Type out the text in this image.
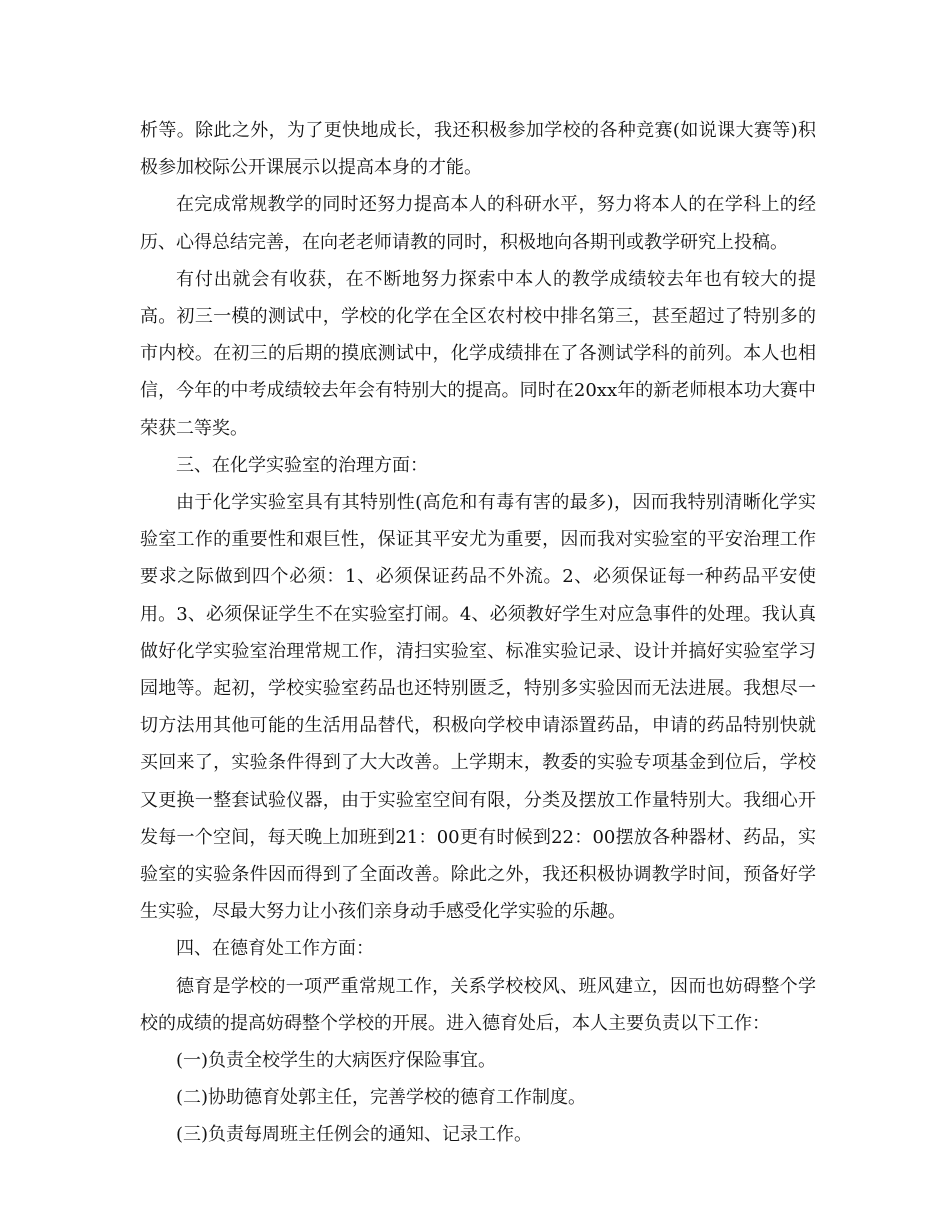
析等。除此之外，为了更快地成长，我还积极参加学校的各种竞赛(如说课大赛等)积极参加校际公开课展示以提高本身的才能。

在完成常规教学的同时还努力提高本人的科研水平，努力将本人的在学科上的经历、心得总结完善，在向老老师请教的同时，积极地向各期刊或教学研究上投稿。

有付出就会有收获，在不断地努力探索中本人的教学成绩较去年也有较大的提高。初三一模的测试中，学校的化学在全区农村校中排名第三，甚至超过了特别多的市内校。在初三的后期的摸底测试中，化学成绩排在了各测试学科的前列。本人也相信，今年的中考成绩较去年会有特别大的提高。同时在20xx年的新老师根本功大赛中荣获二等奖。

三、在化学实验室的治理方面：

由于化学实验室具有其特别性(高危和有毒有害的最多)，因而我特别清晰化学实验室工作的重要性和艰巨性，保证其平安尤为重要，因而我对实验室的平安治理工作要求之际做到四个必须：1、必须保证药品不外流。2、必须保证每一种药品平安使用。3、必须保证学生不在实验室打闹。4、必须教好学生对应急事件的处理。我认真做好化学实验室治理常规工作，清扫实验室、标准实验记录、设计并搞好实验室学习园地等。起初，学校实验室药品也还特别匮乏，特别多实验因而无法进展。我想尽一切方法用其他可能的生活用品替代，积极向学校申请添置药品，申请的药品特别快就买回来了，实验条件得到了大大改善。上学期末，教委的实验专项基金到位后，学校又更换一整套试验仪器，由于实验室空间有限，分类及摆放工作量特别大。我细心开发每一个空间，每天晚上加班到21：00更有时候到22：00摆放各种器材、药品，实验室的实验条件因而得到了全面改善。除此之外，我还积极协调教学时间，预备好学生实验，尽最大努力让小孩们亲身动手感受化学实验的乐趣。

四、在德育处工作方面：

德育是学校的一项严重常规工作，关系学校校风、班风建立，因而也妨碍整个学校的成绩的提高妨碍整个学校的开展。进入德育处后，本人主要负责以下工作：

(一)负责全校学生的大病医疗保险事宜。

(二)协助德育处郭主任，完善学校的德育工作制度。

(三)负责每周班主任例会的通知、记录工作。
